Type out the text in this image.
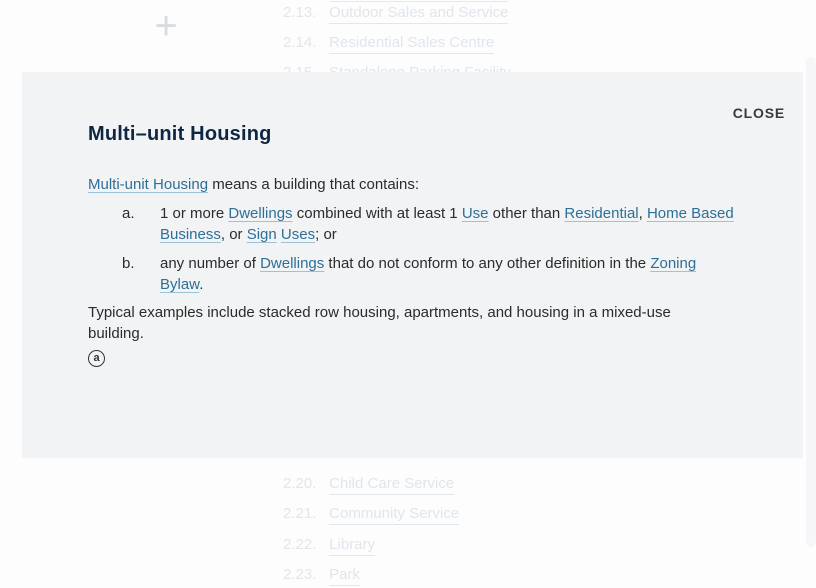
+	2.13. Outdoor Sales and Service
2.14. Residential Sales Centre
2.20. Child Care Service
2.21. Community Service
2.22. Library
2.23. Park
CLOSE
Multi–unit Housing

Multi-unit Housing means a building that contains:

a.	1 or more Dwellings combined with at least 1 Use other than Residential, Home Based Business, or Sign Uses; or
b.	any number of Dwellings that do not conform to any other definition in the Zoning Bylaw.

Typical examples include stacked row housing, apartments, and housing in a mixed-use building.

a
